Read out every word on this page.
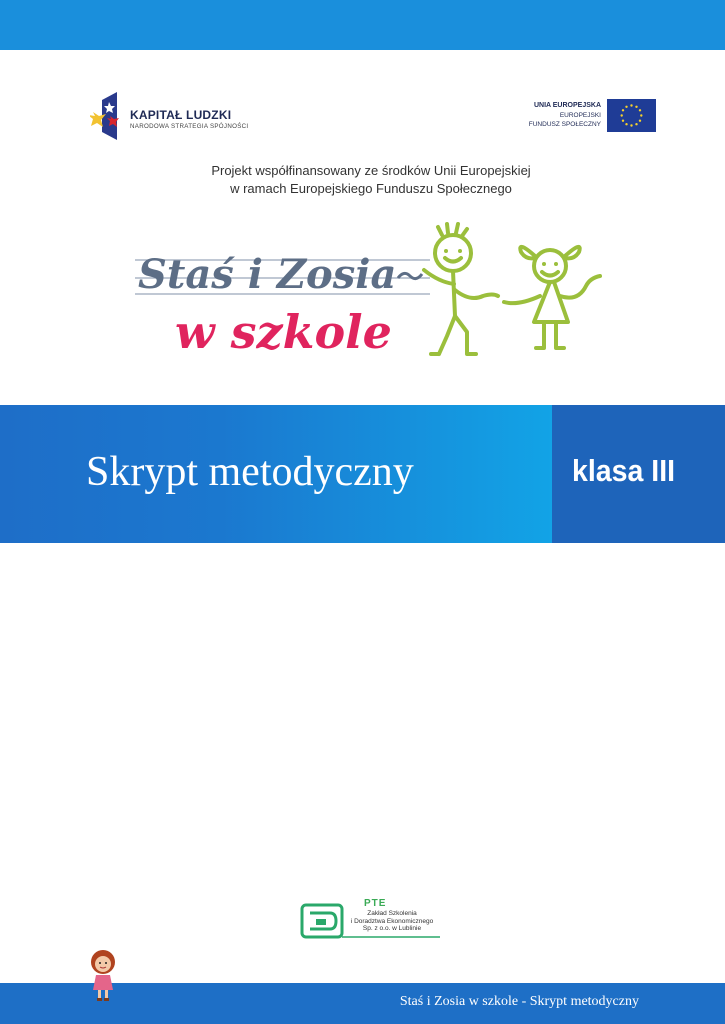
KAPITAŁ LUDZKI
NARODOWA STRATEGIA SPÓJNOŚCI
UNIA EUROPEJSKA
EUROPEJSKI
FUNDUSZ SPOŁECZNY
Projekt współfinansowany ze środków Unii Europejskiej
w ramach Europejskiego Funduszu Społecznego
Staś i Zosia
w szkole
Skrypt metodyczny	klasa III
PTE
Zakład Szkolenia
i Doradztwa Ekonomicznego
Sp. z o.o. w Lublinie
Staś i Zosia w szkole - Skrypt metodyczny
